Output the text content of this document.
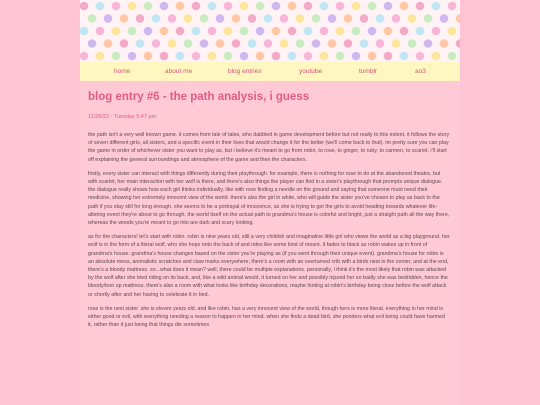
home	about me	blog entries	youtube	tumblr	ao3
blog entry #6 - the path analysis, i guess
11/29/22 - Tuesday 5:47 pm

the path isn't a very well known game. it comes from tale of tales, who dabbled in game development before but not really to this extent. it follows the story of seven different girls, all sisters, and a specific event in their lives that would change it for the better (we'll come back to that). im pretty sure you can play the game in order of whichever sister you want to play as, but i believe it's meant to go from robin, to rose, to ginger, to ruby, to carmen, to scarlet. i'll start off explaining the general surroundings and atmosphere of the game and then the characters.

firstly, every sister can interact with things differently during their playthrough. for example, there is nothing for rose to do at the abandoned theatre, but with scarlet, her main interaction with her wolf is there, and there's also things the player can find in a sister's playthrough that prompts unique dialogue. the dialogue really shows how each girl thinks individually, like with rose finding a needle on the ground and saying that someone must need their medicine, showing her extremely innocent view of the world. there's also the girl in white, who will guide the sister you've chosen to play as back to the path if you stay still for long enough. she seems to be a portrayal of innocence, as she is trying to get the girls to avoid heading towards whatever life-altering event they're about to go through. the world itself on the actual path to grandma's house is colorful and bright, just a straight path all the way there, whereas the woods you're meant to go into are dark and scary looking.

as for the characters! let's start with robin. robin is nine years old, still a very childish and imaginative little girl who views the world as a big playground. her wolf is in the form of a literal wolf, who she hops onto the back of and rides like some kind of mount. it fades to black as robin wakes up in front of grandma's house. grandma's house changes based on the sister you're playing as (if you went through their unique event). grandma's house for robin is an absolute mess, animalistic scratches and claw marks everywhere, there's a room with an overturned crib with a birds nest in the center, and at the end, there's a bloody mattress. so...what does it mean? well, there could be multiple explanations. personally, i think it's the most likely that robin was attacked by the wolf after she tried riding on its back, and, like a wild animal would, it turned on her and possibly injured her so badly she was bedridden, hence the bloody/torn up mattress. there's also a room with what looks like birthday decorations, maybe hinting at robin's birthday being close before the wolf attack or shortly after and her having to celebrate it in bed.

rose is the next sister. she is eleven years old, and like robin, has a very innocent view of the world, though hers is more literal. everything in her mind is either good or evil, with everything needing a reason to happen in her mind. when she finds a dead bird, she ponders what evil being could have harmed it, rather than it just being that things die sometimes
